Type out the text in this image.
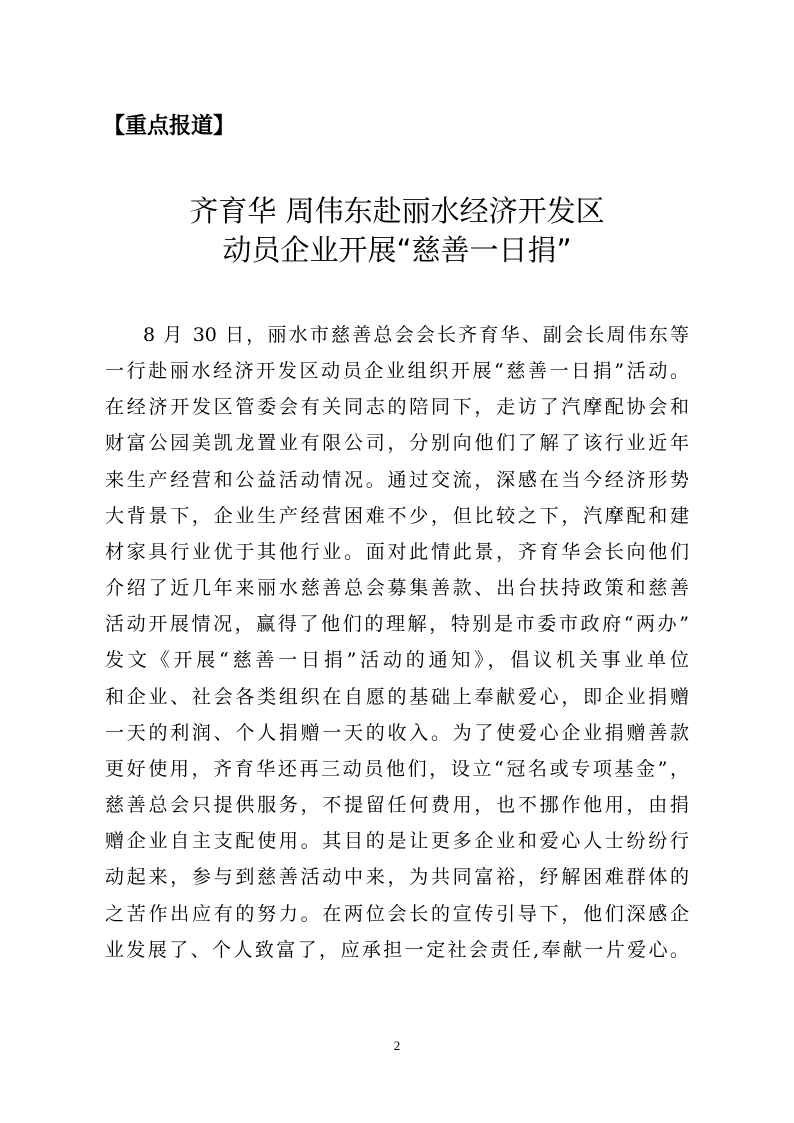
【重点报道】
齐育华 周伟东赴丽水经济开发区
动员企业开展“慈善一日捐”
8 月 30 日，丽水市慈善总会会长齐育华、副会长周伟东等
一行赴丽水经济开发区动员企业组织开展“慈善一日捐”活动。
在经济开发区管委会有关同志的陪同下，走访了汽摩配协会和
财富公园美凯龙置业有限公司，分别向他们了解了该行业近年
来生产经营和公益活动情况。通过交流，深感在当今经济形势
大背景下，企业生产经营困难不少，但比较之下，汽摩配和建
材家具行业优于其他行业。面对此情此景，齐育华会长向他们
介绍了近几年来丽水慈善总会募集善款、出台扶持政策和慈善
活动开展情况，赢得了他们的理解，特别是市委市政府“两办”
发文《开展“慈善一日捐”活动的通知》，倡议机关事业单位
和企业、社会各类组织在自愿的基础上奉献爱心，即企业捐赠
一天的利润、个人捐赠一天的收入。为了使爱心企业捐赠善款
更好使用，齐育华还再三动员他们，设立“冠名或专项基金”，
慈善总会只提供服务，不提留任何费用，也不挪作他用，由捐
赠企业自主支配使用。其目的是让更多企业和爱心人士纷纷行
动起来，参与到慈善活动中来，为共同富裕，纾解困难群体的
之苦作出应有的努力。在两位会长的宣传引导下，他们深感企
业发展了、个人致富了，应承担一定社会责任,奉献一片爱心。
2
